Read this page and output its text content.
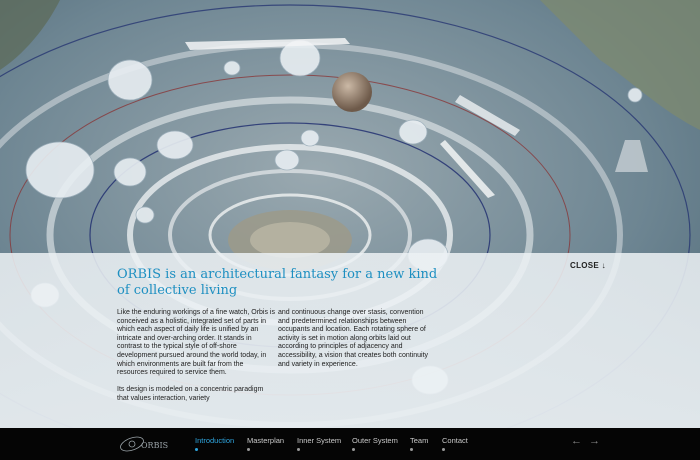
ORBIS is an architectural fantasy for a new kind of collective living
CLOSE ↓

Like the enduring workings of a fine watch, Orbis is conceived as a holistic, integrated set of parts in which each aspect of daily life is unified by an intricate and over-arching order. It stands in contrast to the typical style of off-shore development pursued around the world today, in which environments are built far from the resources required to service them.

Its design is modeled on a concentric paradigm that values interaction, variety

and continuous change over stasis, convention and predetermined relationships between occupants and location. Each rotating sphere of activity is set in motion along orbits laid out according to principles of adjacency and accessibility, a vision that creates both continuity and variety in experience.

Introduction Masterplan Inner System Outer System Team Contact	← →
ORBIS
